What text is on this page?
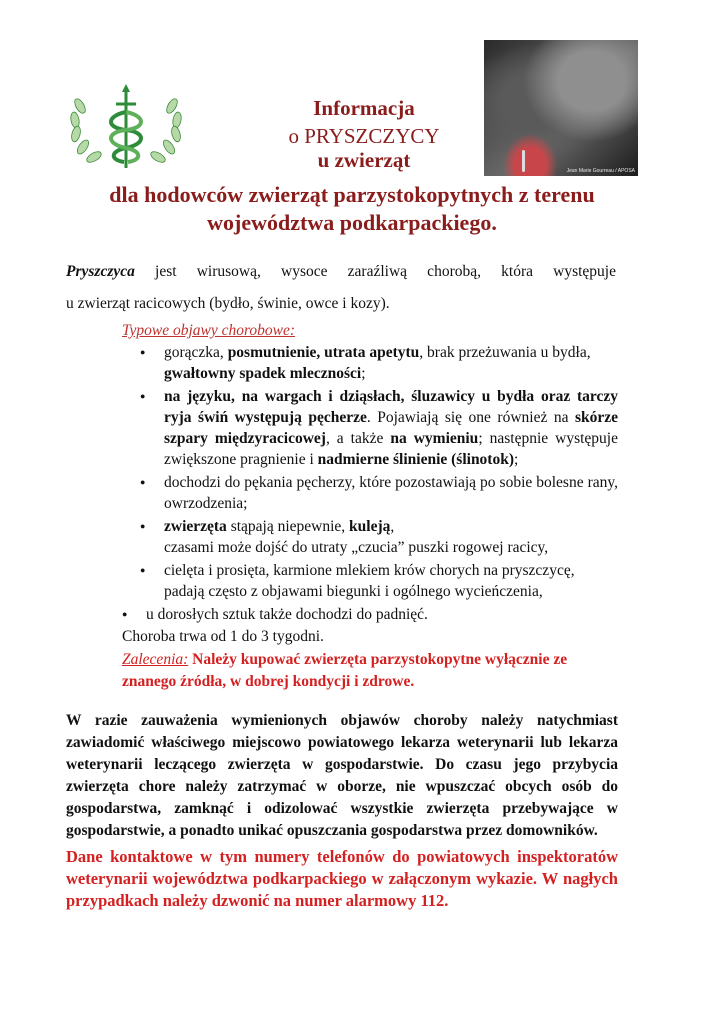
Jean Marie Gourreau / APOSA
Informacja
o PRYSZCZYCY
u zwierząt
dla hodowców zwierząt parzystokopytnych z terenu
województwa podkarpackiego.
Pryszczyca jest wirusową, wysoce zaraźliwą chorobą, która występuje
u zwierząt racicowych (bydło, świnie, owce i kozy).
Typowe objawy chorobowe:
● gorączka, posmutnienie, utrata apetytu, brak przeżuwania u bydła, gwałtowny spadek mleczności;
● na języku, na wargach i dziąsłach, śluzawicy u bydła oraz tarczy ryja świń występują pęcherze. Pojawiają się one również na skórze szpary międzyracicowej, a także na wymieniu; następnie występuje zwiększone pragnienie i nadmierne ślinienie (ślinotok);
● dochodzi do pękania pęcherzy, które pozostawiają po sobie bolesne rany, owrzodzenia;
● zwierzęta stąpają niepewnie, kuleją,
czasami może dojść do utraty „czucia” puszki rogowej racicy,
● cielęta i prosięta, karmione mlekiem krów chorych na pryszczycę, padają często z objawami biegunki i ogólnego wycieńczenia,
● u dorosłych sztuk także dochodzi do padnięć.
Choroba trwa od 1 do 3 tygodni.
Zalecenia: Należy kupować zwierzęta parzystokopytne wyłącznie ze znanego źródła, w dobrej kondycji i zdrowe.
W razie zauważenia wymienionych objawów choroby należy natychmiast zawiadomić właściwego miejscowo powiatowego lekarza weterynarii lub lekarza weterynarii leczącego zwierzęta w gospodarstwie. Do czasu jego przybycia zwierzęta chore należy zatrzymać w oborze, nie wpuszczać obcych osób do gospodarstwa, zamknąć i odizolować wszystkie zwierzęta przebywające w gospodarstwie, a ponadto unikać opuszczania gospodarstwa przez domowników.
Dane kontaktowe w tym numery telefonów do powiatowych inspektoratów weterynarii województwa podkarpackiego w załączonym wykazie. W nagłych przypadkach należy dzwonić na numer alarmowy 112.
